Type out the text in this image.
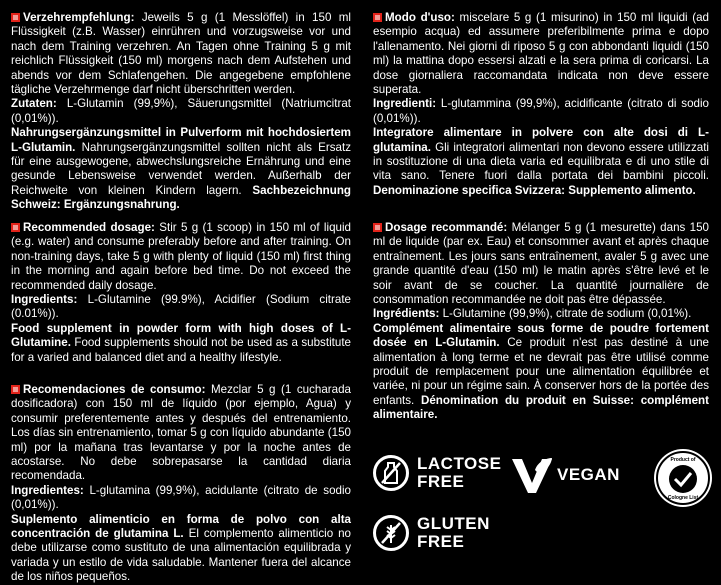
Verzehrempfehlung: Jeweils 5 g (1 Messlöffel) in 150 ml Flüssigkeit (z.B. Wasser) einrühren und vorzugsweise vor und nach dem Training verzehren. An Tagen ohne Training 5 g mit reichlich Flüssigkeit (150 ml) morgens nach dem Aufstehen und abends vor dem Schlafengehen. Die angegebene empfohlene tägliche Verzehrmenge darf nicht überschritten werden.
Zutaten: L-Glutamin (99,9%), Säuerungsmittel (Natriumcitrat (0,01%)).
Nahrungsergänzungsmittel in Pulverform mit hochdosiertem L-Glutamin. Nahrungsergänzungsmittel sollten nicht als Ersatz für eine ausgewogene, abwechslungsreiche Ernährung und eine gesunde Lebensweise verwendet werden. Außerhalb der Reichweite von kleinen Kindern lagern. Sachbezeichnung Schweiz: Ergänzungsnahrung.
Recommended dosage: Stir 5 g (1 scoop) in 150 ml of liquid (e.g. water) and consume preferably before and after training. On non-training days, take 5 g with plenty of liquid (150 ml) first thing in the morning and again before bed time. Do not exceed the recommended daily dosage.
Ingredients: L-Glutamine (99.9%), Acidifier (Sodium citrate (0.01%)).
Food supplement in powder form with high doses of L-Glutamine. Food supplements should not be used as a substitute for a varied and balanced diet and a healthy lifestyle.
Recomendaciones de consumo: Mezclar 5 g (1 cucharada dosificadora) con 150 ml de líquido (por ejemplo, Agua) y consumir preferentemente antes y después del entrenamiento. Los días sin entrenamiento, tomar 5 g con líquido abundante (150 ml) por la mañana tras levantarse y por la noche antes de acostarse. No debe sobrepasarse la cantidad diaria recomendada.
Ingredientes: L-glutamina (99,9%), acidulante (citrato de sodio (0,01%)).
Suplemento alimenticio en forma de polvo con alta concentración de glutamina L. El complemento alimenticio no debe utilizarse como sustituto de una alimentación equilibrada y variada y un estilo de vida saludable. Mantener fuera del alcance de los niños pequeños.
Modo d'uso: miscelare 5 g (1 misurino) in 150 ml liquidi (ad esempio acqua) ed assumere preferibilmente prima e dopo l'allenamento. Nei giorni di riposo 5 g con abbondanti liquidi (150 ml) la mattina dopo essersi alzati e la sera prima di coricarsi. La dose giornaliera raccomandata indicata non deve essere superata.
Ingredienti: L-glutammina (99,9%), acidificante (citrato di sodio (0,01%)).
Integratore alimentare in polvere con alte dosi di L-glutamina. Gli integratori alimentari non devono essere utilizzati in sostituzione di una dieta varia ed equilibrata e di uno stile di vita sano. Tenere fuori dalla portata dei bambini piccoli. Denominazione specifica Svizzera: Supplemento alimento.
Dosage recommandé: Mélanger 5 g (1 mesurette) dans 150 ml de liquide (par ex. Eau) et consommer avant et après chaque entraînement. Les jours sans entraînement, avaler 5 g avec une grande quantité d'eau (150 ml) le matin après s'être levé et le soir avant de se coucher. La quantité journalière de consommation recommandée ne doit pas être dépassée.
Ingrédients: L-Glutamine (99,9%), citrate de sodium (0,01%).
Complément alimentaire sous forme de poudre fortement dosée en L-Glutamin. Ce produit n'est pas destiné à une alimentation à long terme et ne devrait pas être utilisé comme produit de remplacement pour une alimentation équilibrée et variée, ni pour un régime sain. À conserver hors de la portée des enfants. Dénomination du produit en Suisse: complément alimentaire.
LACTOSE
FREE	VEGAN
Product of
Cologne List
GLUTEN
FREE
